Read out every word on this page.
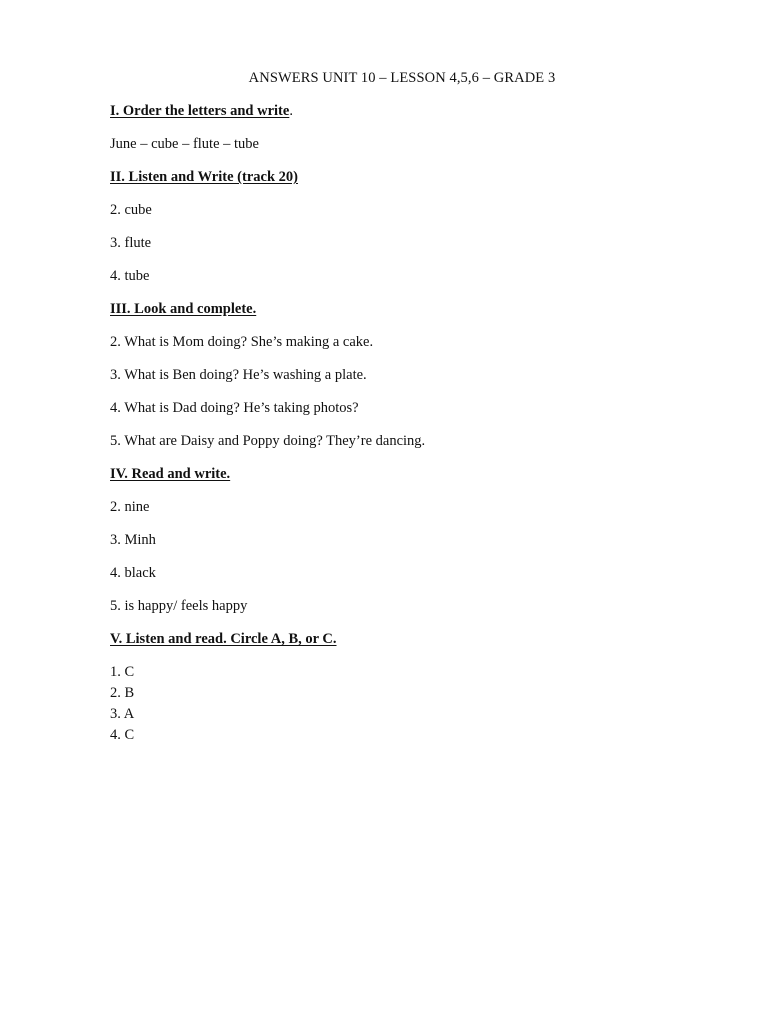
ANSWERS UNIT 10 – LESSON 4,5,6 – GRADE 3
I. Order the letters and write.
June – cube – flute – tube
II. Listen and Write (track 20)
2. cube
3. flute
4. tube
III. Look and complete.
2. What is Mom doing? She’s making a cake.
3. What is Ben doing? He’s washing a plate.
4. What is Dad doing? He’s taking photos?
5. What are Daisy and Poppy doing? They’re dancing.
IV. Read and write.
2. nine
3. Minh
4. black
5. is happy/ feels happy
V. Listen and read. Circle A, B, or C.
1. C
2. B
3. A
4. C
